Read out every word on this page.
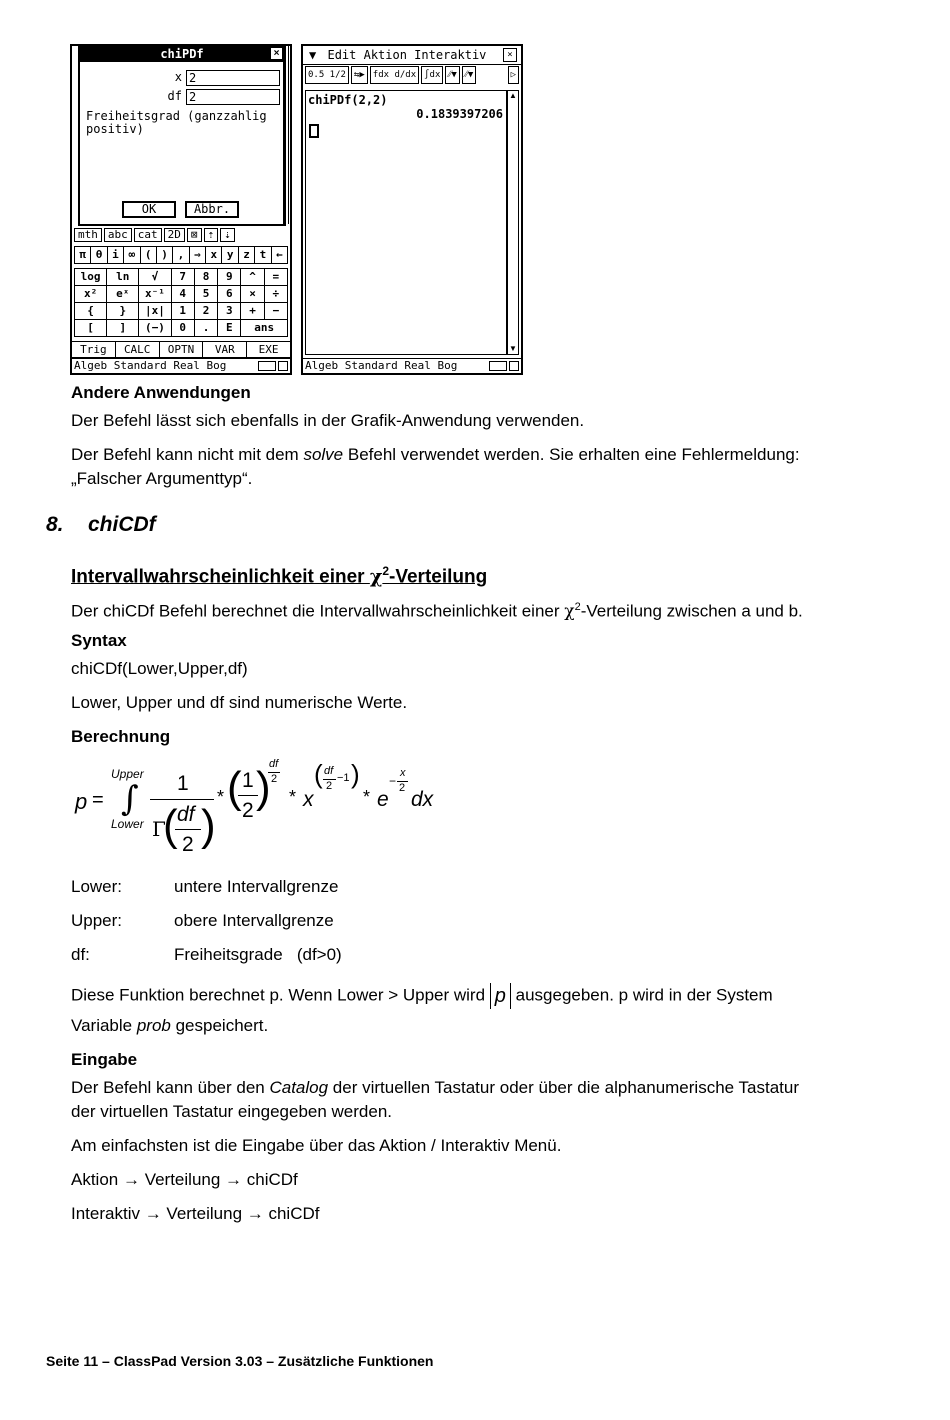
chiPDf	×
x 2
df 2
Freiheitsgrad (ganzzahlig positiv)
OK	Abbr.
mth abc cat 2D ⊠ ⇡ ⇣
π θ i ∞ ( ) , ⇒ x y z t ←
log	ln	√	7	8	9	^	=
x²	eˣ	x⁻¹	4	5	6	×	÷
{	}	|x|	1	2	3	+	−
[	]	(−)	0	.	E	ans
Trig	CALC	OPTN	VAR	EXE
Algeb Standard Real Bog
▼ Edit Aktion Interaktiv	×
0.5 1/2 ⇆▶ fdx d/dx ∫dx ⁄⁄▼ ⁄⁄▼	▷
chiPDf(2,2)
0.1839397206
▲
▼
Algeb Standard Real Bog
Andere Anwendungen
Der Befehl lässt sich ebenfalls in der Grafik-Anwendung verwenden.
Der Befehl kann nicht mit dem solve Befehl verwendet werden. Sie erhalten eine Fehlermeldung:
„Falscher Argumenttyp“.
8. chiCDf
Intervallwahrscheinlichkeit einer $\chi^2$-Verteilung
Der chiCDf Befehl berechnet die Intervallwahrscheinlichkeit einer $\chi^2$-Verteilung zwischen a und b.
Syntax
chiCDf(Lower,Upper,df)
Lower, Upper und df sind numerische Werte.
Berechnung
p =
Upper
∫
Lower
1
Γ
( df
2 )
* ( 1
2 )
df
2
* x
( df
2
−1 )
* e
−
x
2 dx
Lower:	untere Intervallgrenze
Upper:	obere Intervallgrenze
df:	Freiheitsgrade   (df>0)
Diese Funktion berechnet p. Wenn Lower > Upper wird p ausgegeben. p wird in der System
Variable prob gespeichert.
Eingabe
Der Befehl kann über den Catalog der virtuellen Tastatur oder über die alphanumerische Tastatur
der virtuellen Tastatur eingegeben werden.
Am einfachsten ist die Eingabe über das Aktion / Interaktiv Menü.
Aktion → Verteilung → chiCDf
Interaktiv → Verteilung → chiCDf
Seite 11 – ClassPad Version 3.03 – Zusätzliche Funktionen
